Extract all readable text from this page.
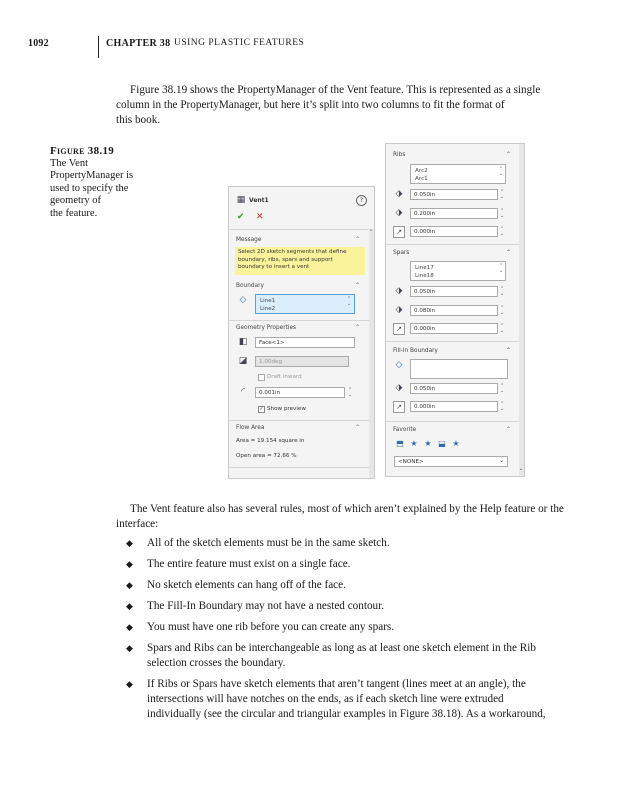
1092	CHAPTER 38 USING PLASTIC FEATURES
Figure 38.19 shows the PropertyManager of the Vent feature. This is represented as a single
column in the PropertyManager, but here it’s split into two columns to fit the format of
this book.
Figure 38.19
The Vent
PropertyManager is
used to specify the
geometry of
the feature.
▦ Vent1	?
✔ ✕
Message	⌃
Select 2D sketch segments that define
boundary, ribs, spars and support
boundary to insert a vent
Boundary	⌃
◇	Line1
Line2
⌃
⌄
Geometry Properties	⌃
◧	Face<1>
◪	1.00deg
Draft inward
◜	0.001in	⌃
⌄
✓ Show preview
Flow Area	⌃
Area = 19.154 square in
Open area = 72.66 %
⌃
Ribs	⌃
Arc2
Arc1
⌃
⌄
⬗	0.050in	⌃
⌄
⬗	0.200in	⌃
⌄
↗	0.000in	⌃
⌄
Spars	⌃
Line17
Line18
⌃
⌄
⬗	0.050in	⌃
⌄
⬗	0.080in	⌃
⌄
↗	0.000in	⌃
⌄
Fill-In Boundary	⌃
◇
⬗	0.050in	⌃
⌄
↗	0.000in	⌃
⌄
Favorite	⌃
⬒ ★ ★ ⬓ ★
<NONE>	⌄
⌄
The Vent feature also has several rules, most of which aren’t explained by the Help feature or the interface:
◆ All of the sketch elements must be in the same sketch.
◆ The entire feature must exist on a single face.
◆ No sketch elements can hang off of the face.
◆ The Fill-In Boundary may not have a nested contour.
◆ You must have one rib before you can create any spars.
◆ Spars and Ribs can be interchangeable as long as at least one sketch element in the Rib
selection crosses the boundary.
◆ If Ribs or Spars have sketch elements that aren’t tangent (lines meet at an angle), the
intersections will have notches on the ends, as if each sketch line were extruded
individually (see the circular and triangular examples in Figure 38.18). As a workaround,
